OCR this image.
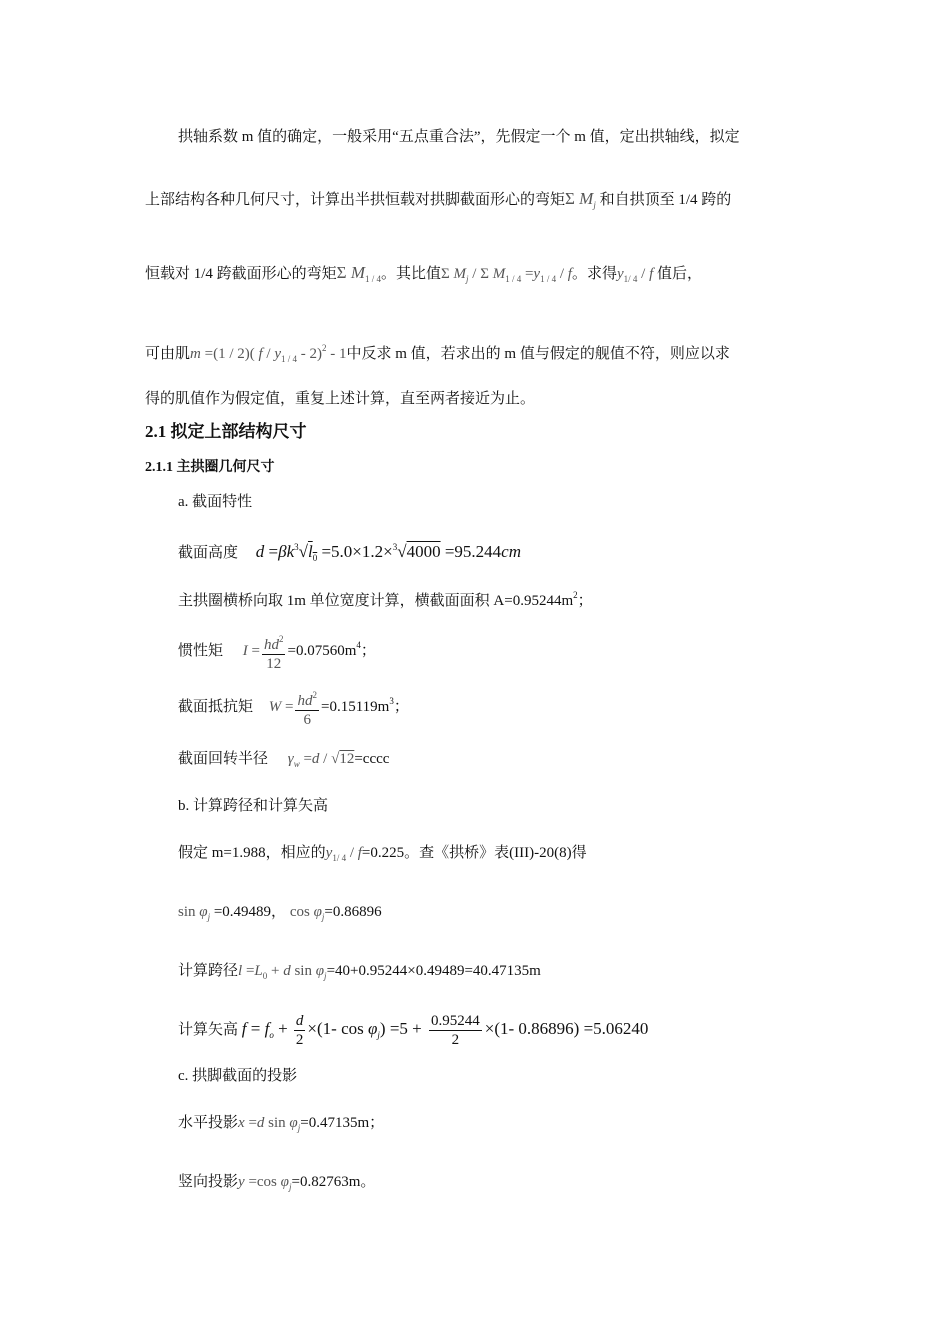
拱轴系数 m 值的确定，一般采用“五点重合法”，先假定一个 m 值，定出拱轴线，拟定
上部结构各种几何尺寸，计算出半拱恒载对拱脚截面形心的弯矩Σ $M_j$ 和自拱顶至 1/4 跨的
恒载对 1/4 跨截面形心的弯矩Σ $M_{1 / 4}$。其比值Σ $M_j$ / Σ $M_{1 / 4} =y_{1 / 4} / f$。求得$y_{1/ 4}$ / f 值后，
可由肌m =(1 / 2)( f / $y_{1 / 4} - 2)^2 - 1$中反求 m 值，若求出的 m 值与假定的舰值不符，则应以求
得的肌值作为假定值，重复上述计算，直至两者接近为止。
2.1 拟定上部结构尺寸
2.1.1 主拱圈几何尺寸
a. 截面特性
截面高度 $d =\beta k^3√l_0 =5.0\times 1.2\times^3√4000 =95.244cm$
主拱圈横桥向取 1m 单位宽度计算，横截面面积 $A=0.95244m^2$；
惯性矩 $I = \frac{hd^2}{12} =0.07560m^4$；
截面抵抗矩 $W = \frac{hd^2}{6} =0.15119m^3$；
截面回转半径 $\gamma_w =d$ / √12=cccc
b. 计算跨径和计算矢高
假定 m=1.988，相应的$y_{1/ 4} / f=0.225$。查《拱桥》表(III)-20(8)得
$\sin \varphi_j =0.49489$， $\cos \varphi_j=0.86896$
计算跨径$l =L_0 + d$ $\sin \varphi_j=40+0.95244\times 0.49489=40.47135m$
计算矢高 $f = f_o + \frac{d}{2} \times(1-$ $\cos \varphi_j) =5 + \frac{0.95244}{2} \times(1-$ 0.86896) =5.06240
c. 拱脚截面的投影
水平投影x =d $\sin \varphi_j=0.47135m$；
竖向投影y =cos $\varphi_j=0.82763m$。
